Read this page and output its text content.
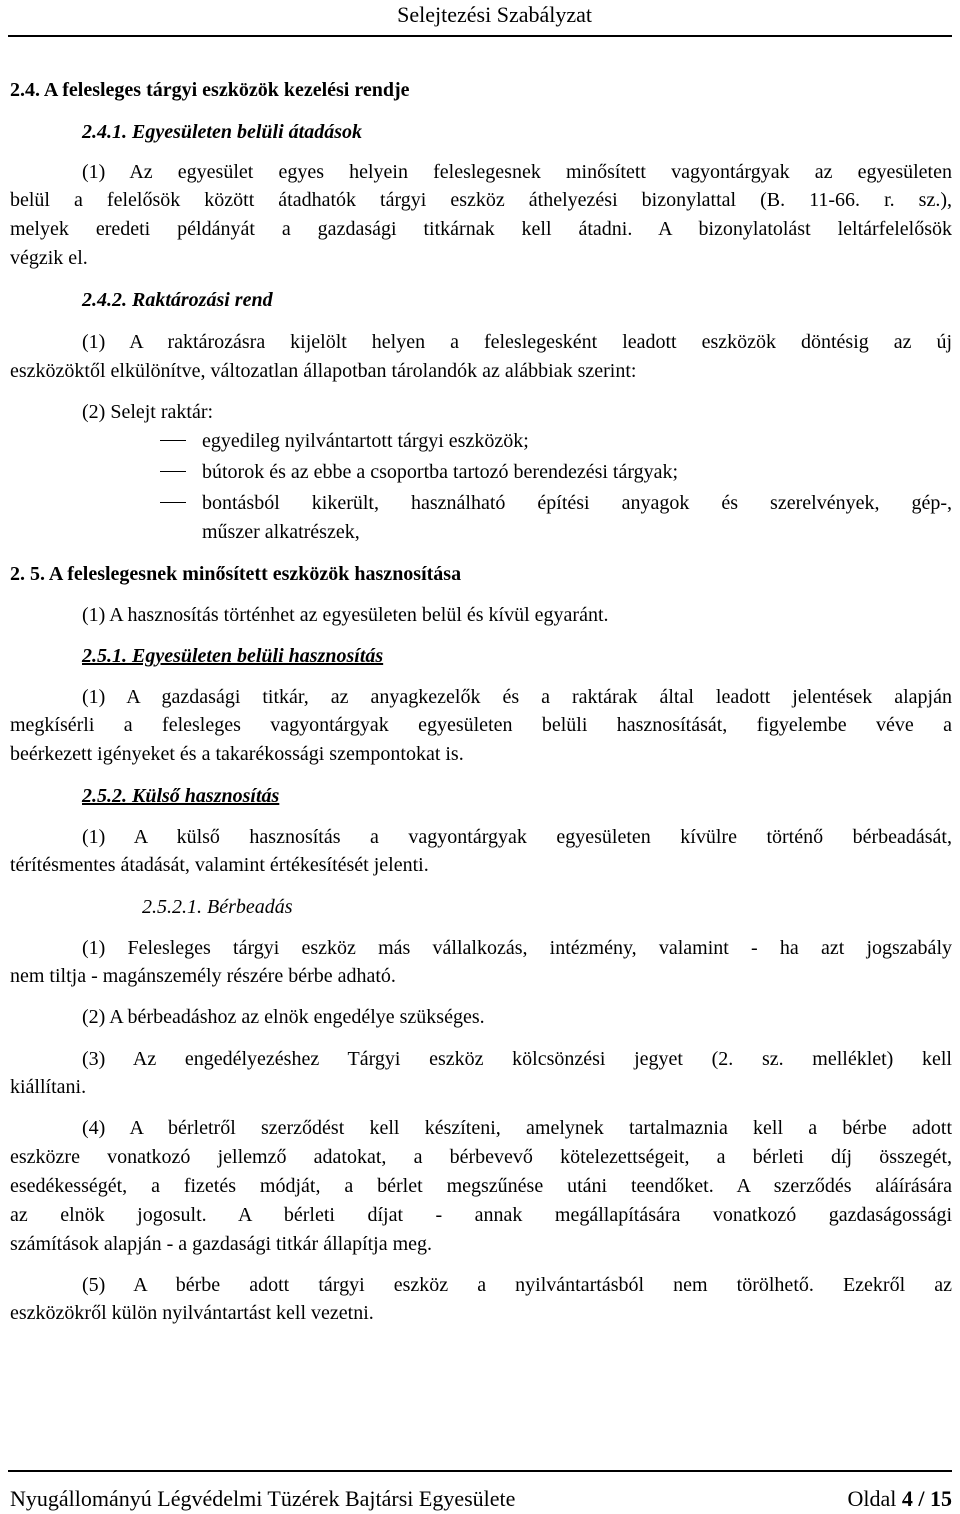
Selejtezési Szabályzat
2.4. A felesleges tárgyi eszközök kezelési rendje
2.4.1. Egyesületen belüli átadások
(1) Az egyesület egyes helyein feleslegesnek minősített vagyontárgyak az egyesületen
belül a felelősök között átadhatók tárgyi eszköz áthelyezési bizonylattal (B. 11-66. r. sz.),
melyek eredeti példányát a gazdasági titkárnak kell átadni. A bizonylatolást leltárfelelősök
végzik el.
2.4.2. Raktározási rend
(1) A raktározásra kijelölt helyen a feleslegesként leadott eszközök döntésig az új
eszközöktől elkülönítve, változatlan állapotban tárolandók az alábbiak szerint:
(2) Selejt raktár:
egyedileg nyilvántartott tárgyi eszközök;
bútorok és az ebbe a csoportba tartozó berendezési tárgyak;
bontásból kikerült, használható építési anyagok és szerelvények, gép-,
műszer alkatrészek,
2. 5. A feleslegesnek minősített eszközök hasznosítása
(1) A hasznosítás történhet az egyesületen belül és kívül egyaránt.
2.5.1. Egyesületen belüli hasznosítás
(1) A gazdasági titkár, az anyagkezelők és a raktárak által leadott jelentések alapján
megkísérli a felesleges vagyontárgyak egyesületen belüli hasznosítását, figyelembe véve a
beérkezett igényeket és a takarékossági szempontokat is.
2.5.2. Külső hasznosítás
(1) A külső hasznosítás a vagyontárgyak egyesületen kívülre történő bérbeadását,
térítésmentes átadását, valamint értékesítését jelenti.
2.5.2.1. Bérbeadás
(1) Felesleges tárgyi eszköz más vállalkozás, intézmény, valamint - ha azt jogszabály
nem tiltja - magánszemély részére bérbe adható.
(2) A bérbeadáshoz az elnök engedélye szükséges.
(3) Az engedélyezéshez Tárgyi eszköz kölcsönzési jegyet (2. sz. melléklet) kell
kiállítani.
(4) A bérletről szerződést kell készíteni, amelynek tartalmaznia kell a bérbe adott
eszközre vonatkozó jellemző adatokat, a bérbevevő kötelezettségeit, a bérleti díj összegét,
esedékességét, a fizetés módját, a bérlet megszűnése utáni teendőket. A szerződés aláírására
az elnök jogosult. A bérleti díjat - annak megállapítására vonatkozó gazdaságossági
számítások alapján - a gazdasági titkár állapítja meg.
(5) A bérbe adott tárgyi eszköz a nyilvántartásból nem törölhető. Ezekről az
eszközökről külön nyilvántartást kell vezetni.
Nyugállományú Légvédelmi Tüzérek Bajtársi Egyesülete	Oldal 4 / 15
